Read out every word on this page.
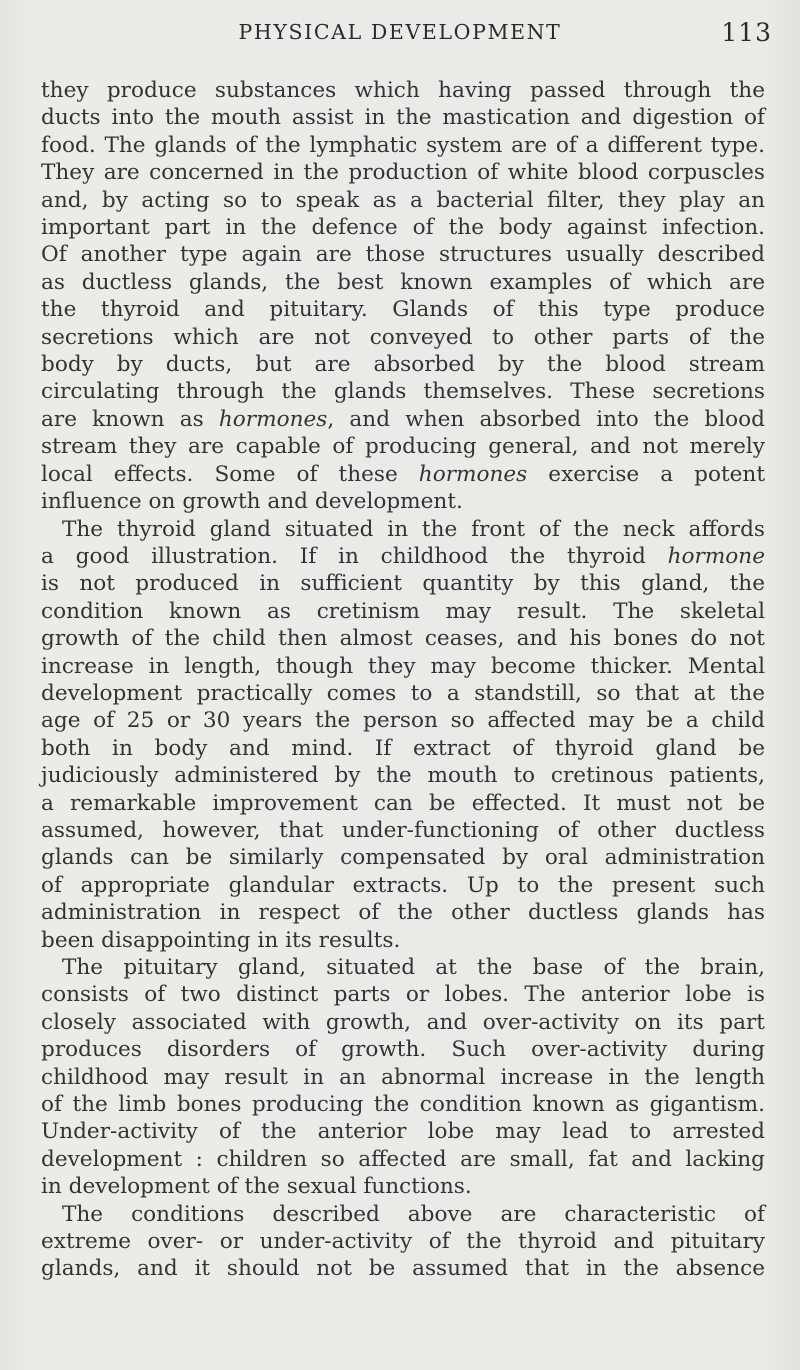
PHYSICAL DEVELOPMENT	113
they produce substances which having passed through the
ducts into the mouth assist in the mastication and digestion of
food. The glands of the lymphatic system are of a different type.
They are concerned in the production of white blood corpuscles
and, by acting so to speak as a bacterial filter, they play an
important part in the defence of the body against infection.
Of another type again are those structures usually described
as ductless glands, the best known examples of which are
the thyroid and pituitary. Glands of this type produce
secretions which are not conveyed to other parts of the
body by ducts, but are absorbed by the blood stream
circulating through the glands themselves. These secretions
are known as hormones, and when absorbed into the blood
stream they are capable of producing general, and not merely
local effects. Some of these hormones exercise a potent
influence on growth and development.
The thyroid gland situated in the front of the neck affords
a good illustration. If in childhood the thyroid hormone
is not produced in sufficient quantity by this gland, the
condition known as cretinism may result. The skeletal
growth of the child then almost ceases, and his bones do not
increase in length, though they may become thicker. Mental
development practically comes to a standstill, so that at the
age of 25 or 30 years the person so affected may be a child
both in body and mind. If extract of thyroid gland be
judiciously administered by the mouth to cretinous patients,
a remarkable improvement can be effected. It must not be
assumed, however, that under-functioning of other ductless
glands can be similarly compensated by oral administration
of appropriate glandular extracts. Up to the present such
administration in respect of the other ductless glands has
been disappointing in its results.
The pituitary gland, situated at the base of the brain,
consists of two distinct parts or lobes. The anterior lobe is
closely associated with growth, and over-activity on its part
produces disorders of growth. Such over-activity during
childhood may result in an abnormal increase in the length
of the limb bones producing the condition known as gigantism.
Under-activity of the anterior lobe may lead to arrested
development : children so affected are small, fat and lacking
in development of the sexual functions.
The conditions described above are characteristic of
extreme over- or under-activity of the thyroid and pituitary
glands, and it should not be assumed that in the absence
